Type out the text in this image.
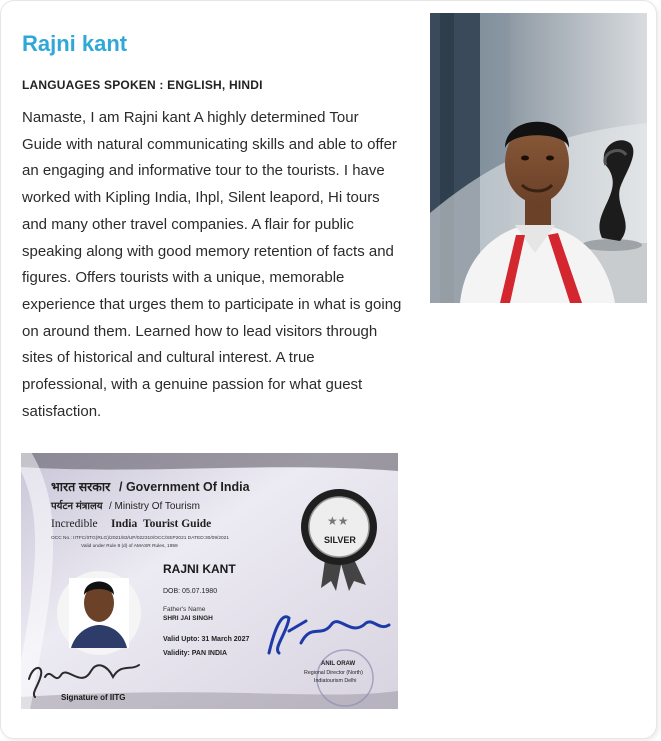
Rajni kant
LANGUAGES SPOKEN : ENGLISH, HINDI
Namaste, I am Rajni kant A highly determined Tour Guide with natural communicating skills and able to offer an engaging and informative tour to the tourists. I have worked with Kipling India, Ihpl, Silent leapord, Hi tours and many other travel companies. A flair for public speaking along with good memory retention of facts and figures. Offers tourists with a unique, memorable experience that urges them to participate in what is going on around them. Learned how to lead visitors through sites of historical and cultural interest. A true professional, with a genuine passion for what guest satisfaction.
भारत सरकार / Government Of India
पर्यटन मंत्रालय / Ministry Of Tourism
Incredible India Tourist Guide
OCC No.: IITFC/IITG(RLG)/2021/83/UP/022310/OCC/SEP2021 DATED:30/09/2021
Valid under Rule 8 (d) of AMASR Rules, 1959
★★
SILVER
RAJNI KANT
DOB: 05.07.1980
Father's Name
SHRI JAI SINGH
Valid Upto: 31 March 2027
Validity: PAN INDIA
ANIL ORAW
Regional Director (North)
Indiatourism Delhi
Signature of IITG
